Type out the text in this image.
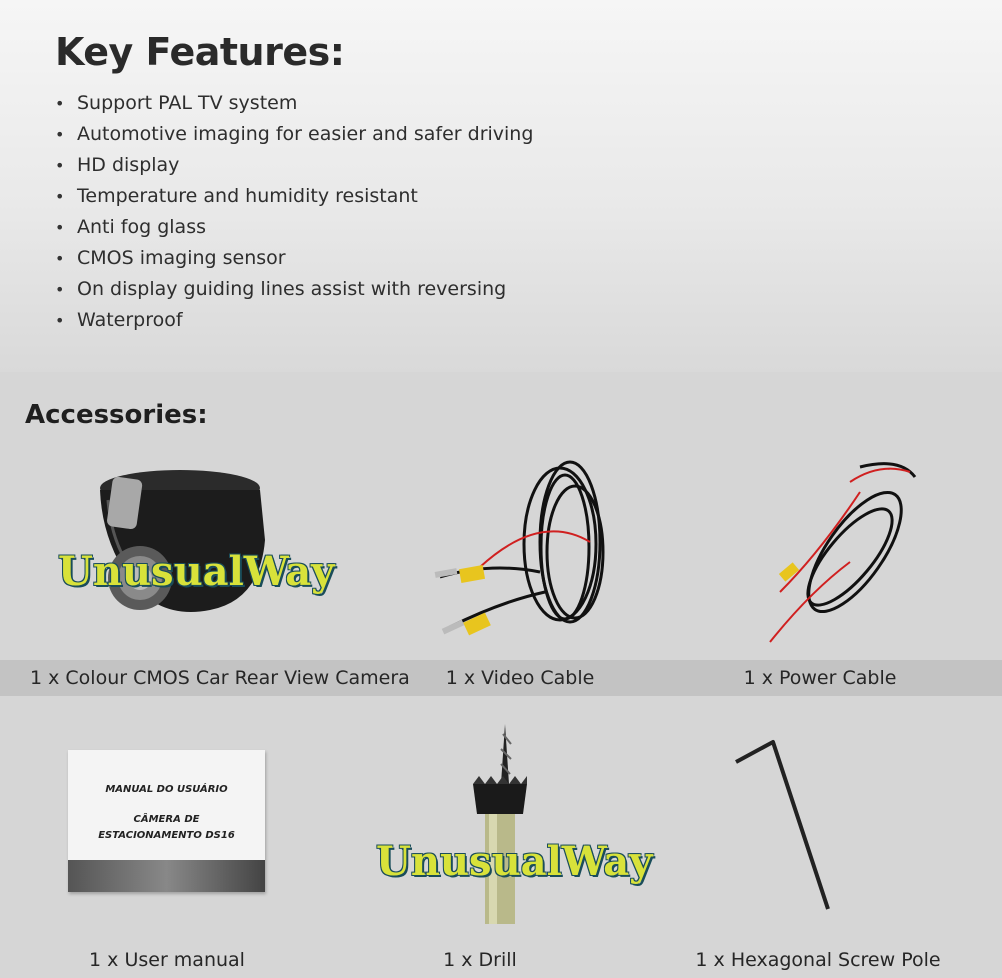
Key Features:
• Support PAL TV system
• Automotive imaging for easier and safer driving
• HD display
• Temperature and humidity resistant
• Anti fog glass
• CMOS imaging sensor
• On display guiding lines assist with reversing
• Waterproof
Accessories:
UnusualWay
1 x Colour CMOS Car Rear View Camera	1 x Video Cable	1 x Power Cable
MANUAL DO USUÁRIO
CÂMERA DE
ESTACIONAMENTO DS16
UnusualWay
1 x User manual	1 x Drill	1 x Hexagonal Screw Pole
